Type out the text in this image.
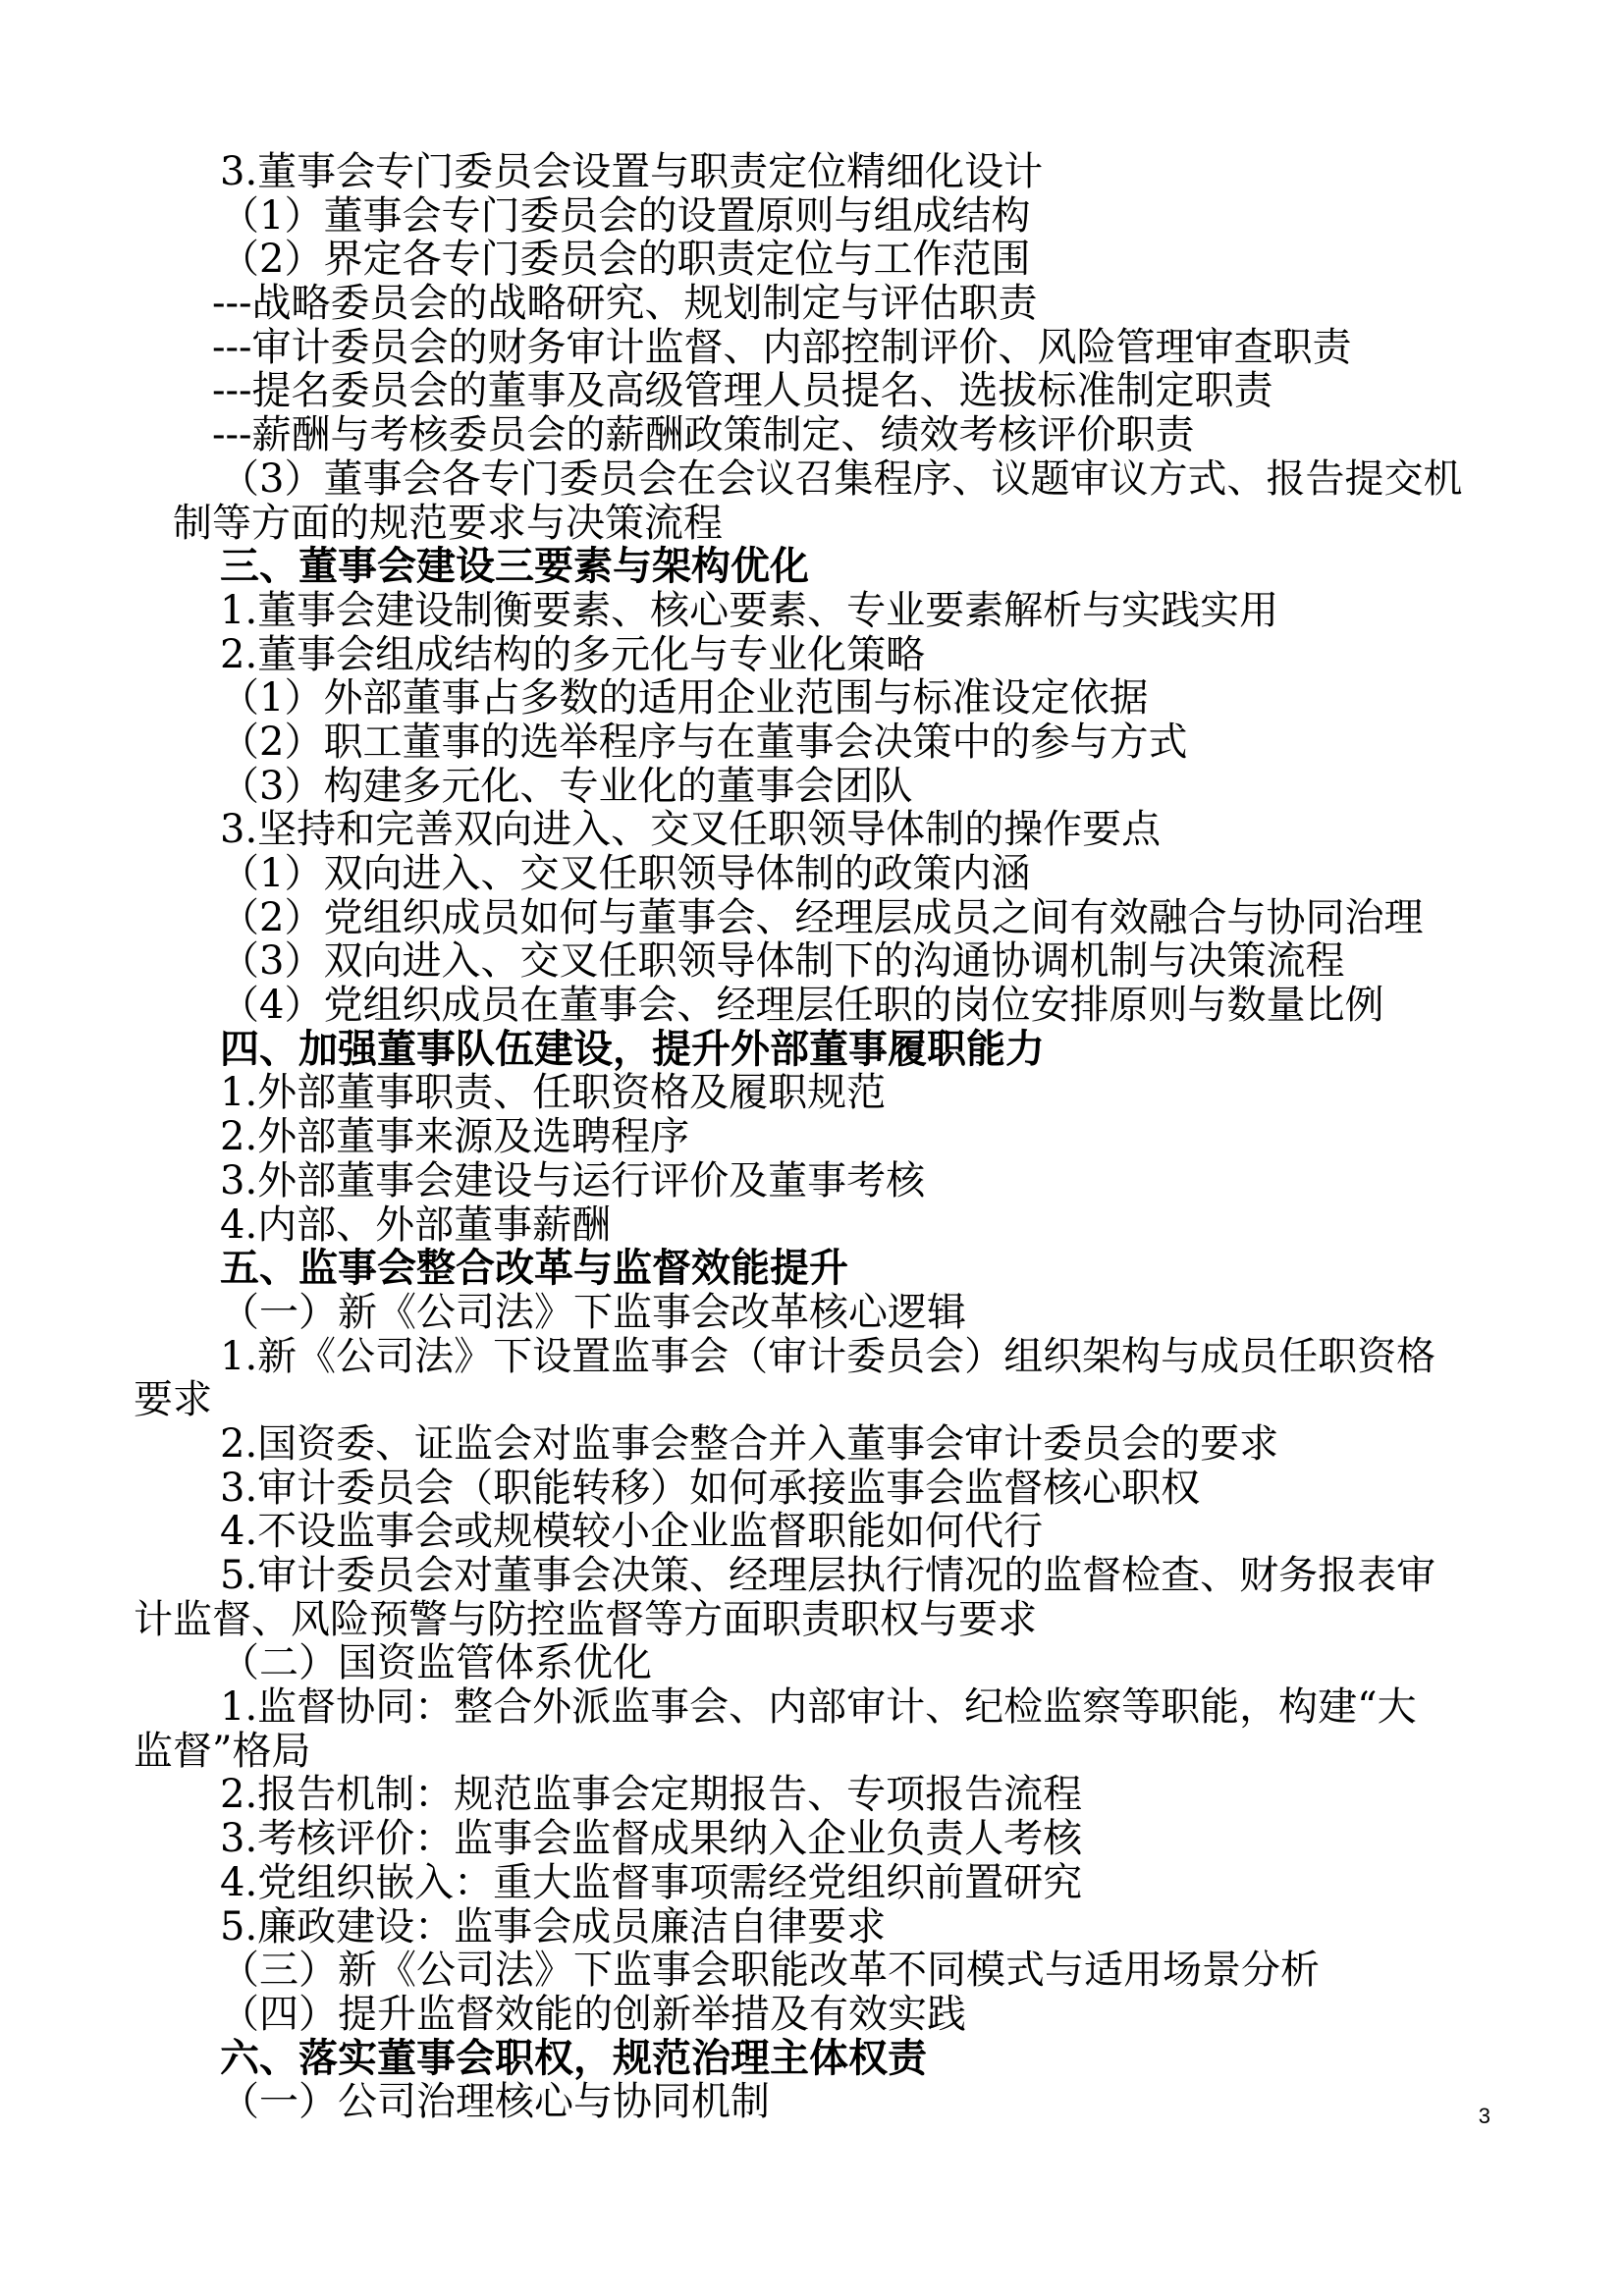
3.董事会专门委员会设置与职责定位精细化设计
（1）董事会专门委员会的设置原则与组成结构
（2）界定各专门委员会的职责定位与工作范围
---战略委员会的战略研究、规划制定与评估职责
---审计委员会的财务审计监督、内部控制评价、风险管理审查职责
---提名委员会的董事及高级管理人员提名、选拔标准制定职责
---薪酬与考核委员会的薪酬政策制定、绩效考核评价职责
（3）董事会各专门委员会在会议召集程序、议题审议方式、报告提交机
制等方面的规范要求与决策流程
三、董事会建设三要素与架构优化
1.董事会建设制衡要素、核心要素、专业要素解析与实践实用
2.董事会组成结构的多元化与专业化策略
（1）外部董事占多数的适用企业范围与标准设定依据
（2）职工董事的选举程序与在董事会决策中的参与方式
（3）构建多元化、专业化的董事会团队
3.坚持和完善双向进入、交叉任职领导体制的操作要点
（1）双向进入、交叉任职领导体制的政策内涵
（2）党组织成员如何与董事会、经理层成员之间有效融合与协同治理
（3）双向进入、交叉任职领导体制下的沟通协调机制与决策流程
（4）党组织成员在董事会、经理层任职的岗位安排原则与数量比例
四、加强董事队伍建设，提升外部董事履职能力
1.外部董事职责、任职资格及履职规范
2.外部董事来源及选聘程序
3.外部董事会建设与运行评价及董事考核
4.内部、外部董事薪酬
五、监事会整合改革与监督效能提升
（一）新《公司法》下监事会改革核心逻辑
1.新《公司法》下设置监事会（审计委员会）组织架构与成员任职资格
要求
2.国资委、证监会对监事会整合并入董事会审计委员会的要求
3.审计委员会（职能转移）如何承接监事会监督核心职权
4.不设监事会或规模较小企业监督职能如何代行
5.审计委员会对董事会决策、经理层执行情况的监督检查、财务报表审
计监督、风险预警与防控监督等方面职责职权与要求
（二）国资监管体系优化
1.监督协同：整合外派监事会、内部审计、纪检监察等职能，构建“大
监督”格局
2.报告机制：规范监事会定期报告、专项报告流程
3.考核评价：监事会监督成果纳入企业负责人考核
4.党组织嵌入：重大监督事项需经党组织前置研究
5.廉政建设：监事会成员廉洁自律要求
（三）新《公司法》下监事会职能改革不同模式与适用场景分析
（四）提升监督效能的创新举措及有效实践
六、落实董事会职权，规范治理主体权责
（一）公司治理核心与协同机制	3
